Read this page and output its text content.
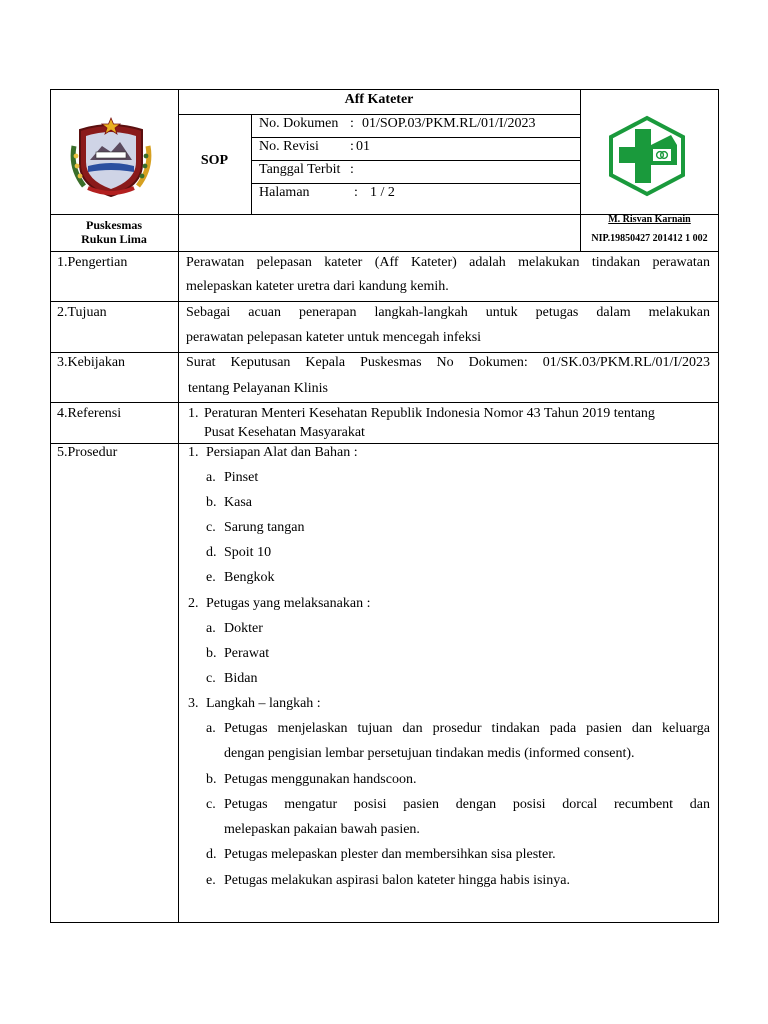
Puskesmas
Rukun Lima
Aff Kateter
SOP
No. Dokumen : 01/SOP.03/PKM.RL/01/I/2023
No. Revisi : 01
Tanggal Terbit :
Halaman	: 1 / 2
M. Risvan Karnain
NIP.19850427 201412 1 002
1.Pengertian
2.Tujuan
3.Kebijakan
4.Referensi
5.Prosedur
Perawatan pelepasan kateter (Aff Kateter) adalah melakukan tindakan perawatan
melepaskan kateter uretra dari kandung kemih.
Sebagai acuan penerapan langkah-langkah untuk petugas dalam melakukan
perawatan pelepasan kateter untuk mencegah infeksi
Surat Keputusan Kepala Puskesmas No Dokumen: 01/SK.03/PKM.RL/01/I/2023
tentang Pelayanan Klinis
1. Peraturan Menteri Kesehatan Republik Indonesia Nomor 43 Tahun 2019 tentang
Pusat Kesehatan Masyarakat
1. Persiapan Alat dan Bahan :
a. Pinset
b. Kasa
c. Sarung tangan
d. Spoit 10
e. Bengkok
2. Petugas yang melaksanakan :
a. Dokter
b. Perawat
c. Bidan
3. Langkah – langkah :
a. Petugas menjelaskan tujuan dan prosedur tindakan pada pasien dan keluarga
dengan pengisian lembar persetujuan tindakan medis (informed consent).
b. Petugas menggunakan handscoon.
c. Petugas mengatur posisi pasien dengan posisi dorcal recumbent dan
melepaskan pakaian bawah pasien.
d. Petugas melepaskan plester dan membersihkan sisa plester.
e. Petugas melakukan aspirasi balon kateter hingga habis isinya.
